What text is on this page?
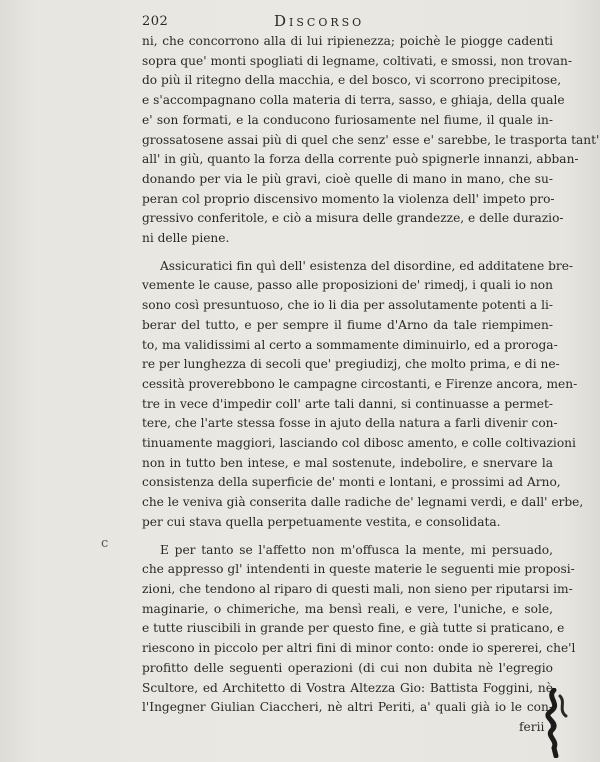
202	Discorso
ni, che concorrono alla di lui ripienezza; poichè le piogge cadenti
sopra que' monti spogliati di legname, coltivati, e smossi, non trovan-
do più il ritegno della macchia, e del bosco, vi scorrono precipitose,
e s'accompagnano colla materia di terra, sasso, e ghiaja, della quale
e' son formati, e la conducono furiosamente nel fiume, il quale in-
grossatosene assai più di quel che senz' esse e' sarebbe, le trasporta tant'
all' in giù, quanto la forza della corrente può spignerle innanzi, abban-
donando per via le più gravi, cioè quelle di mano in mano, che su-
peran col proprio discensivo momento la violenza dell' impeto pro-
gressivo conferitole, e ciò a misura delle grandezze, e delle durazio-
ni delle piene.
Assicuratici fin quì dell' esistenza del disordine, ed additatene bre-
vemente le cause, passo alle proposizioni de' rimedj, i quali io non
sono così presuntuoso, che io li dia per assolutamente potenti a li-
berar del tutto, e per sempre il fiume d'Arno da tale riempimen-
to, ma validissimi al certo a sommamente diminuirlo, ed a proroga-
re per lunghezza di secoli que' pregiudizj, che molto prima, e di ne-
cessità proverebbono le campagne circostanti, e Firenze ancora, men-
tre in vece d'impedir coll' arte tali danni, si continuasse a permet-
tere, che l'arte stessa fosse in ajuto della natura a farli divenir con-
tinuamente maggiori, lasciando col dibosc amento, e colle coltivazioni
non in tutto ben intese, e mal sostenute, indebolire, e snervare la
consistenza della superficie de' monti e lontani, e prossimi ad Arno,
che le veniva già conserita dalle radiche de' legnami verdi, e dall' erbe,
per cui stava quella perpetuamente vestita, e consolidata.
E per tanto se l'affetto non m'offusca la mente, mi persuado,
che appresso gl' intendenti in queste materie le seguenti mie proposi-
zioni, che tendono al riparo di questi mali, non sieno per riputarsi im-
maginarie, o chimeriche, ma bensì reali, e vere, l'uniche, e sole,
e tutte riuscibili in grande per questo fine, e già tutte si praticano, e
riescono in piccolo per altri fini di minor conto: onde io spererei, che'l
profitto delle seguenti operazioni (di cui non dubita nè l'egregio
Scultore, ed Architetto di Vostra Altezza Gio: Battista Foggini, nè
l'Ingegner Giulian Ciaccheri, nè altri Periti, a' quali già io le con-
ferii )
c
